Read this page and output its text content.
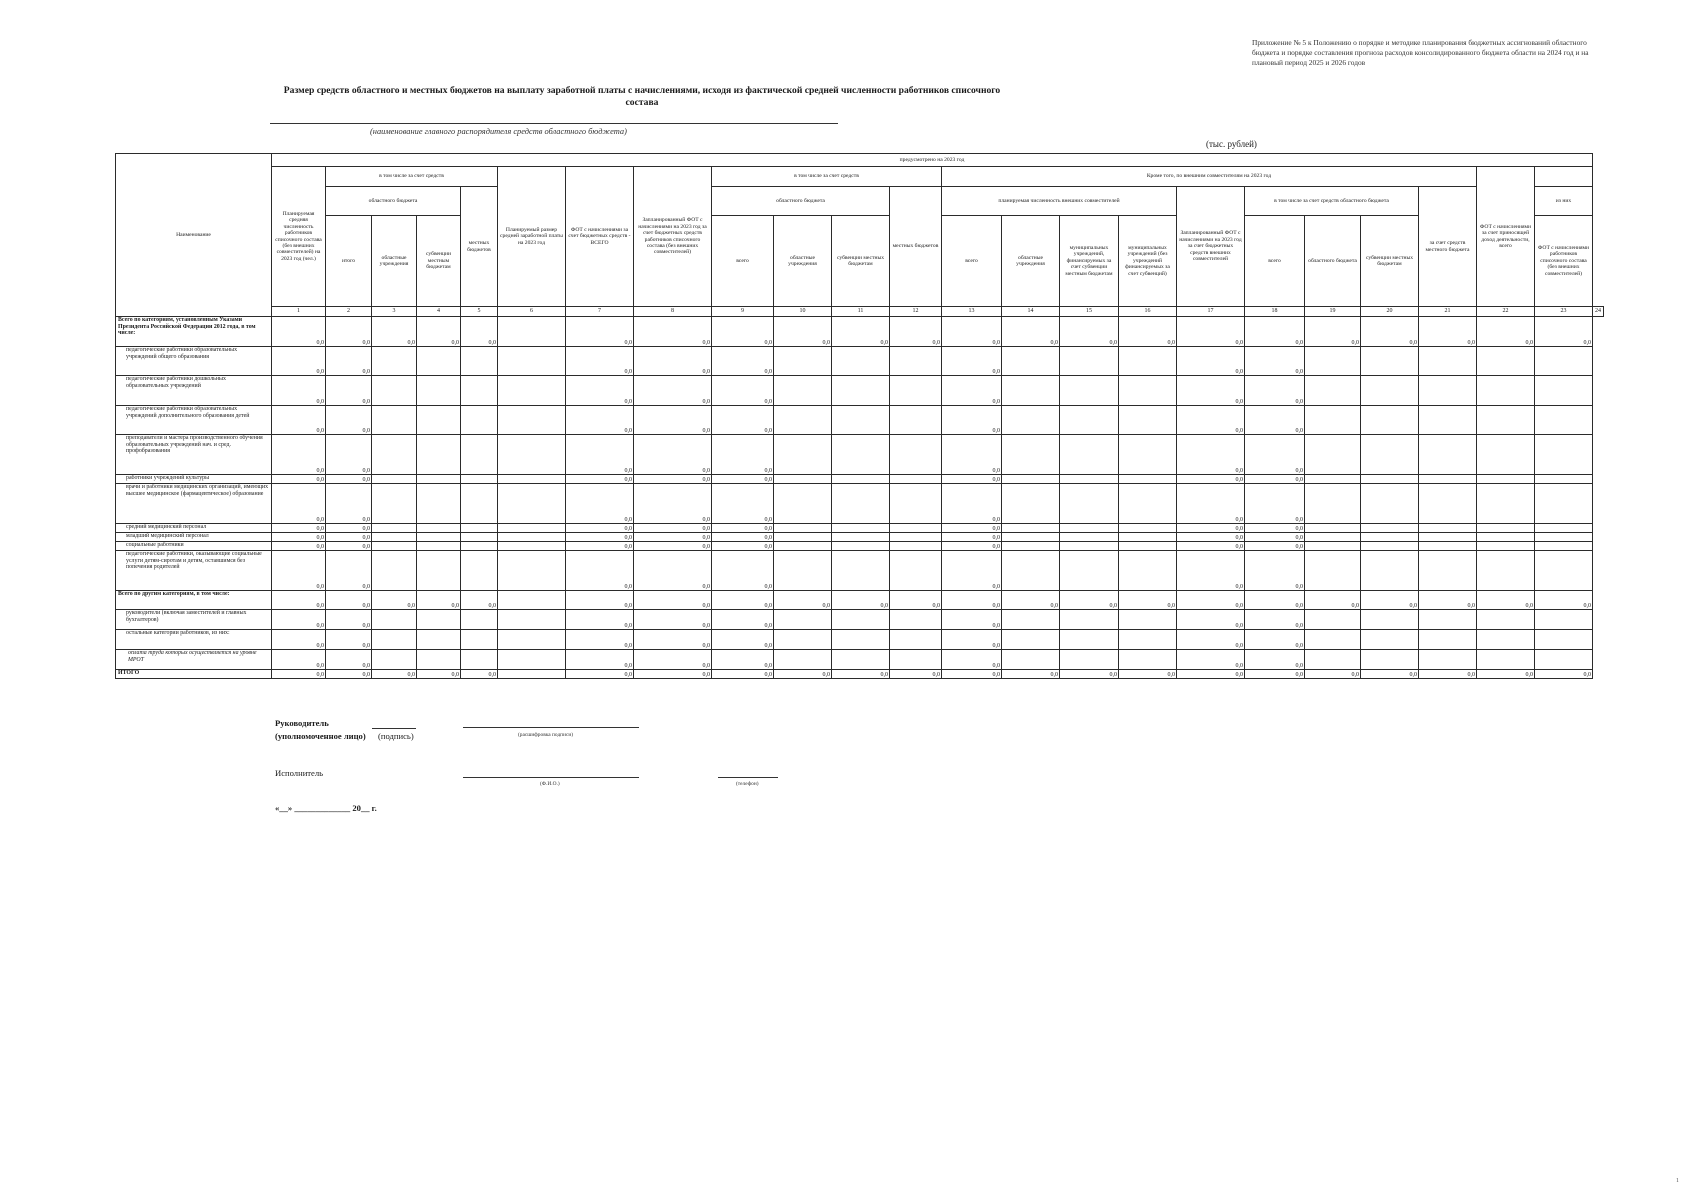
Приложение № 5 к Положению о порядке и методике планирования бюджетных ассигнований областного бюджета и порядке составления прогноза расходов консолидированного бюджета области на 2024 год и на плановый период 2025 и 2026 годов
Размер средств областного и местных бюджетов на выплату заработной платы с начислениями, исходя из фактической средней численности работников списочного состава
(наименование главного распорядителя средств областного бюджета)
(тыс. рублей)
Наименование	предусмотрено на 2023 год																							
	Планируемая средняя численность работников списочного состава (без внешних совместителей) на 2023 год (чел.)	в том числе за счет средств				Планируемый размер средней заработной платы на 2023 год	ФОТ с начислениями за счет бюджетных средств - ВСЕГО	Запланированный ФОТ с начислениями на 2023 год за счет бюджетных средств работников списочного состава (без внешних совместителей)	в том числе за счет средств				Кроме того, по внешним совместителям на 2023 год									ФОТ с начислениями за счет приносящей доход деятельности, всего		
		областного бюджета			местных бюджетов				областного бюджета			местных бюджетов	планируемая численность внешних совместителей				Запланированный ФОТ с начислениями на 2023 год за счет бюджетных средств внешних совместителей	в том числе за счет средств областного бюджета			за счет средств местного бюджета		из них	
		итого	областные учреждения	субвенции местным бюджетам					всего	областные учреждения	субвенции местных бюджетам		всего	областные учреждения	муниципальных учреждений, финансируемых за счет субвенции местным бюджетам	муниципальных учреждений (без учреждений финансируемых за счет субвенций)		всего	областного бюджета	субвенции местных бюджетам			ФОТ с начислениями работников списочного состава (без внешних совместителей)	
	1	2	3	4	5	6	7	8	9	10	11	12	13	14	15	16	17	18	19	20	21	22	23	24
Всего по категориям, установленным Указами Президента Российской Федерации 2012 года, в том числе:	0,0	0,0	0,0	0,0	0,0		0,0	0,0	0,0	0,0	0,0	0,0	0,0	0,0	0,0	0,0	0,0	0,0	0,0	0,0	0,0	0,0	0,0	
педагогические работники образовательных учреждений общего образования	0,0	0,0					0,0	0,0	0,0				0,0				0,0	0,0						
педагогические работники дошкольных образовательных учреждений	0,0	0,0					0,0	0,0	0,0				0,0				0,0	0,0						
педагогические работники образовательных учреждений дополнительного образования детей	0,0	0,0					0,0	0,0	0,0				0,0				0,0	0,0						
преподаватели и мастера производственного обучения образовательных учреждений нач. и сред. профобразования	0,0	0,0					0,0	0,0	0,0				0,0				0,0	0,0						
работники учреждений культуры	0,0	0,0					0,0	0,0	0,0				0,0				0,0	0,0						
врачи и работники медицинских организаций, имеющих высшее медицинское (фармацевтическое) образование	0,0	0,0					0,0	0,0	0,0				0,0				0,0	0,0						
средний медицинский персонал	0,0	0,0					0,0	0,0	0,0				0,0				0,0	0,0						
младший медицинский персонал	0,0	0,0					0,0	0,0	0,0				0,0				0,0	0,0						
социальные работники	0,0	0,0					0,0	0,0	0,0				0,0				0,0	0,0						
педагогические работники, оказывающие социальные услуги детям-сиротам и детям, оставшимся без попечения родителей	0,0	0,0					0,0	0,0	0,0				0,0				0,0	0,0						
Всего по другим категориям, в том числе:	0,0	0,0	0,0	0,0	0,0		0,0	0,0	0,0	0,0	0,0	0,0	0,0	0,0	0,0	0,0	0,0	0,0	0,0	0,0	0,0	0,0	0,0	
руководители (включая заместителей и главных бухгалтеров)	0,0	0,0					0,0	0,0	0,0				0,0				0,0	0,0						
остальные категории работников, из них:	0,0	0,0					0,0	0,0	0,0				0,0				0,0	0,0						
оплата труда которых осуществляется на уровне МРОТ	0,0	0,0					0,0	0,0	0,0				0,0				0,0	0,0						
ИТОГО	0,0	0,0	0,0	0,0	0,0		0,0	0,0	0,0	0,0	0,0	0,0	0,0	0,0	0,0	0,0	0,0	0,0	0,0	0,0	0,0	0,0	0,0	
Руководитель
(уполномоченное лицо) (подпись)	(расшифровка подписи)
Исполнитель
(Ф.И.О.)	(телефон)
«__» _____________ 20__ г.
1
